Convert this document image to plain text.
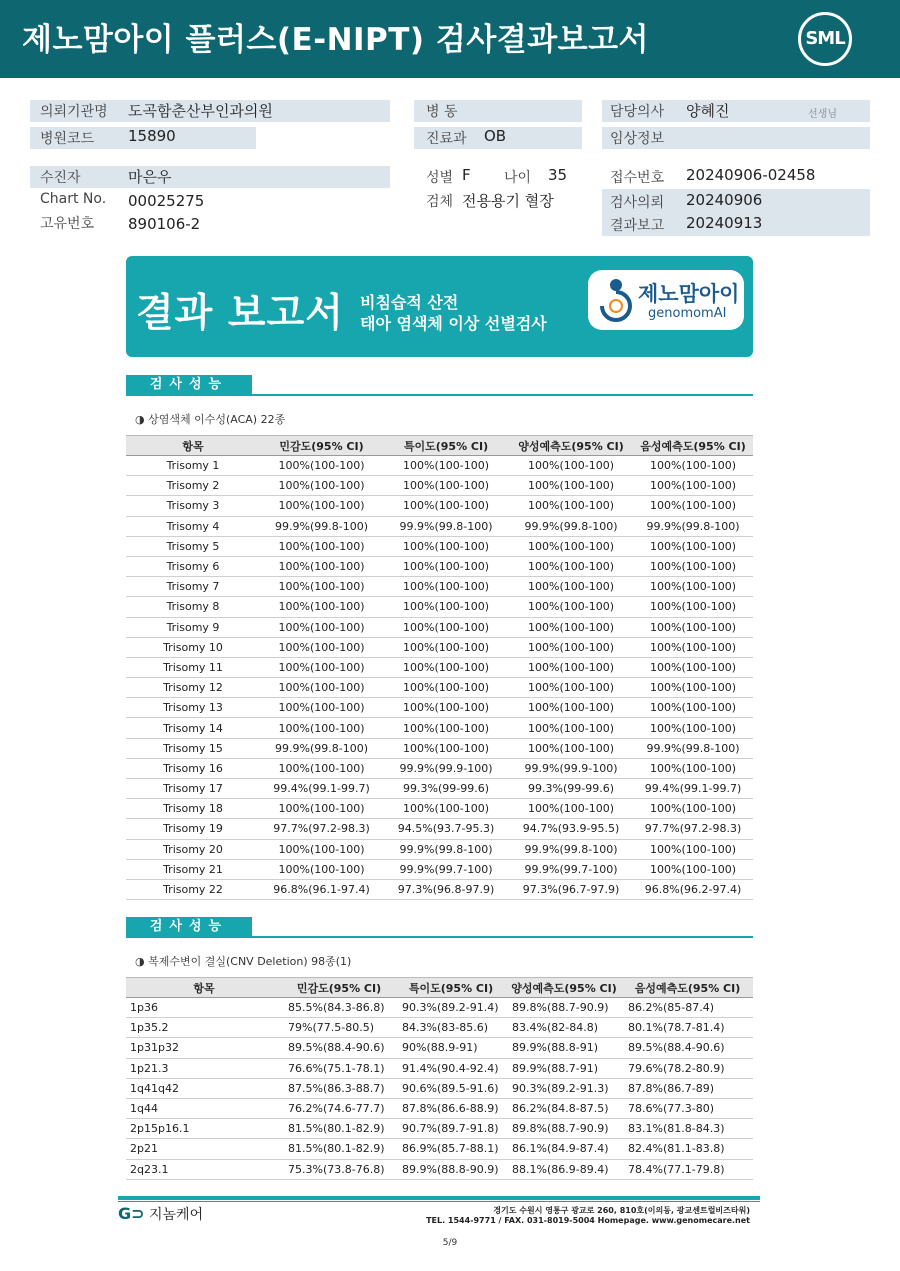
제노맘아이 플러스(E-NIPT) 검사결과보고서	SML
의뢰기관명 도곡함춘산부인과의원
병원코드 15890
병 동
진료과 OB
담당의사 양혜진	선생님
임상정보
수진자	마은우
Chart No. 00025275
고유번호 890106-2
성별 F 나이 35
검체 전용용기 혈장
접수번호 20240906-02458
검사의뢰 20240906
결과보고 20240913
결과 보고서 비침습적 산전
태아 염색체 이상 선별검사
제노맘아이
genomomAI
검사성능
◑ 상염색체 이수성(ACA) 22종
항목	민감도(95% CI)	특이도(95% CI)	양성예측도(95% CI)	음성예측도(95% CI)
Trisomy 1	100%(100-100)	100%(100-100)	100%(100-100)	100%(100-100)
Trisomy 2	100%(100-100)	100%(100-100)	100%(100-100)	100%(100-100)
Trisomy 3	100%(100-100)	100%(100-100)	100%(100-100)	100%(100-100)
Trisomy 4	99.9%(99.8-100)	99.9%(99.8-100)	99.9%(99.8-100)	99.9%(99.8-100)
Trisomy 5	100%(100-100)	100%(100-100)	100%(100-100)	100%(100-100)
Trisomy 6	100%(100-100)	100%(100-100)	100%(100-100)	100%(100-100)
Trisomy 7	100%(100-100)	100%(100-100)	100%(100-100)	100%(100-100)
Trisomy 8	100%(100-100)	100%(100-100)	100%(100-100)	100%(100-100)
Trisomy 9	100%(100-100)	100%(100-100)	100%(100-100)	100%(100-100)
Trisomy 10	100%(100-100)	100%(100-100)	100%(100-100)	100%(100-100)
Trisomy 11	100%(100-100)	100%(100-100)	100%(100-100)	100%(100-100)
Trisomy 12	100%(100-100)	100%(100-100)	100%(100-100)	100%(100-100)
Trisomy 13	100%(100-100)	100%(100-100)	100%(100-100)	100%(100-100)
Trisomy 14	100%(100-100)	100%(100-100)	100%(100-100)	100%(100-100)
Trisomy 15	99.9%(99.8-100)	100%(100-100)	100%(100-100)	99.9%(99.8-100)
Trisomy 16	100%(100-100)	99.9%(99.9-100)	99.9%(99.9-100)	100%(100-100)
Trisomy 17	99.4%(99.1-99.7)	99.3%(99-99.6)	99.3%(99-99.6)	99.4%(99.1-99.7)
Trisomy 18	100%(100-100)	100%(100-100)	100%(100-100)	100%(100-100)
Trisomy 19	97.7%(97.2-98.3)	94.5%(93.7-95.3)	94.7%(93.9-95.5)	97.7%(97.2-98.3)
Trisomy 20	100%(100-100)	99.9%(99.8-100)	99.9%(99.8-100)	100%(100-100)
Trisomy 21	100%(100-100)	99.9%(99.7-100)	99.9%(99.7-100)	100%(100-100)
Trisomy 22	96.8%(96.1-97.4)	97.3%(96.8-97.9)	97.3%(96.7-97.9)	96.8%(96.2-97.4)
검사성능
◑ 복제수변이 결실(CNV Deletion) 98종(1)
항목	민감도(95% CI)	특이도(95% CI)	양성예측도(95% CI)	음성예측도(95% CI)
1p36	85.5%(84.3-86.8)	90.3%(89.2-91.4)	89.8%(88.7-90.9)	86.2%(85-87.4)
1p35.2	79%(77.5-80.5)	84.3%(83-85.6)	83.4%(82-84.8)	80.1%(78.7-81.4)
1p31p32	89.5%(88.4-90.6)	90%(88.9-91)	89.9%(88.8-91)	89.5%(88.4-90.6)
1p21.3	76.6%(75.1-78.1)	91.4%(90.4-92.4)	89.9%(88.7-91)	79.6%(78.2-80.9)
1q41q42	87.5%(86.3-88.7)	90.6%(89.5-91.6)	90.3%(89.2-91.3)	87.8%(86.7-89)
1q44	76.2%(74.6-77.7)	87.8%(86.6-88.9)	86.2%(84.8-87.5)	78.6%(77.3-80)
2p15p16.1	81.5%(80.1-82.9)	90.7%(89.7-91.8)	89.8%(88.7-90.9)	83.1%(81.8-84.3)
2p21	81.5%(80.1-82.9)	86.9%(85.7-88.1)	86.1%(84.9-87.4)	82.4%(81.1-83.8)
2q23.1	75.3%(73.8-76.8)	89.9%(88.8-90.9)	88.1%(86.9-89.4)	78.4%(77.1-79.8)
G⊃ 지놈케어	경기도 수원시 영통구 광교로 260, 810호(이의동, 광교센트럴비즈타워)
TEL. 1544-9771 / FAX. 031-8019-5004 Homepage. www.genomecare.net
5/9
